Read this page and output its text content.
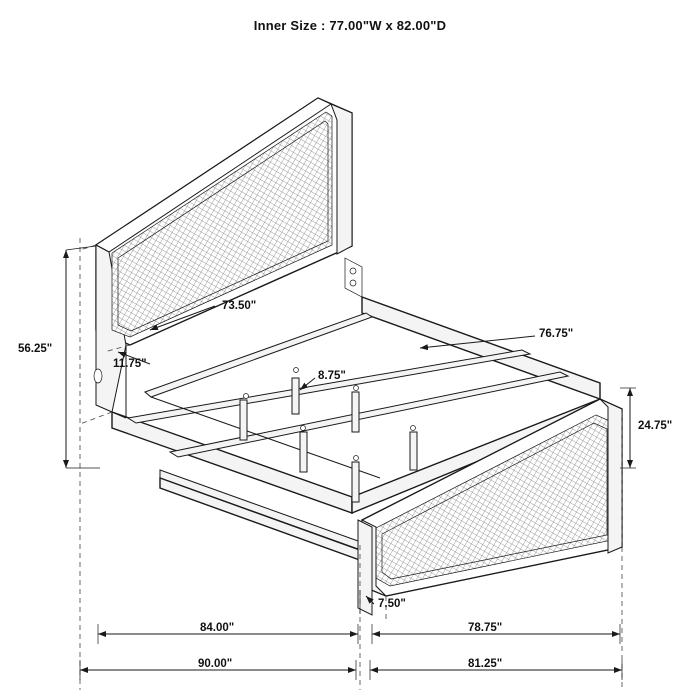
Inner Size : 77.00"W x 82.00"D
73.50"
56.25"
11.75"
8.75"
76.75"
24.75"
7.50"
84.00"	78.75"
90.00"	81.25"
